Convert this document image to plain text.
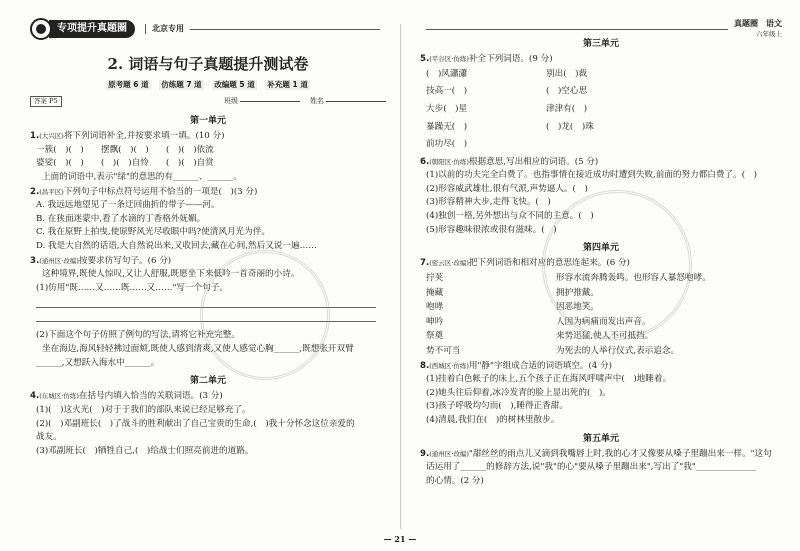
专项提升真题圈	北京专用
2. 词语与句子真题提升测试卷
原考题 6 道 仿练题 7 道 改编题 5 道 补充题 1 道
答案 P5	班级	姓名
第一单元
1.(大兴区)将下列词语补全,并按要求填一填。(10 分)
一簇(　)(　)　　摆飘(　)(　)　　(　)(　)依流
婆娑(　)(　)　　(　)(　)自怜　　(　)(　)自赏
上面的词语中,表示"绿"的意思的有______、______。
2.(昌平区)下列句子中标点符号运用不恰当的一项是(　)(3 分)
A. 我远远地望见了一条迂回曲折的带子——河。
B. 在狭面迷蒙中,看了水滴的丁香格外妩媚。
C. 我在原野上拍曳,使原野风光尽收眼中吗?使清风月光为伴。
D. 我是大自然的话语,大自然说出来,又收回去,藏在心间,然后又说一遍……
3.(通州区·改编)按要求仿写句子。(6 分)
这种境界,既使人惊叹,又让人舒服,既愿坐下来低吟一首奇丽的小诗。
(1)仿用"既……又……既……又……"写一个句子。
(2)下面这个句子仿照了例句的写法,请将它补充完整。
坐在海边,海风轻轻拂过面颊,既使人感到清爽,又使人感觉心胸______,既想张开双臂
______,又想跃入海水中______。
第二单元
4.(东城区·仿练)在括号内填入恰当的关联词语。(3 分)
(1)(　)这火光(　)对于于我们的部队来说已经足够充了。
(2)(　)邓副班长(　)了战斗的胜利献出了自己宝贵的生命,(　)我十分怀念这位亲爱的
战友。
(3)邓副班长(　)牺牲自己,(　)给战士们照亮前进的道路。
真题圈　语文
六年级上
第三单元
5.(平谷区·仿练)补全下列词语。(9 分)
(　)风瀟瀟	别出(　)裁
技高一(　)	(　)空心思
大步(　)星	津津有(　)
暴躁无(　)	(　)龙(　)珠
前功尽(　)
6.(朝阳区·仿练)根据意思,写出相应的词语。(5 分)
(1)以前的功夫完全白费了。也指事情在接近成功时遭到失败,前面的努力都白费了。(　)
(2)形容威武雄壮,很有气派,声势逼人。(　)
(3)形容精神大步,走得飞快。(　)
(4)独创一格,另外想出与众不同的主意。(　)
(5)形容趣味很浓或很有滋味。(　)
第四单元
7.(密云区·改编)把下列词语和相对应的意思连起来。(6 分)
拧荚	形容水流奔腾轰鸣。也形容人暴怒咆哮。
掩藏	拥护推戴。
咆哮	因恶地笑。
呻吟	人因为病痛而发出声音。
祭奠	来势迅猛,使人不可抵挡。
势不可当	为死去的人举行仪式,表示追念。
8.(西城区·仿练)用"静"字组成合适的词语填空。(4 分)
(1)挂着白色帐子的床上,五个孩子正在海风呼啸声中(　)地睡着。
(2)她头往后仰着,冰冷发青的脸上显出死的(　)。
(3)孩子呼吸均匀而(　),睡得正香甜。
(4)清晨,我们在(　)的树林里散步。
第五单元
9.(通州区·改编)"甜丝丝的雨点儿又滴到我嘴唇上时,我的心才又像要从嗓子里蹦出来一样。"这句
话运用了______的修辞方法,说"我"的心"要从嗓子里蹦出来",写出了"我"______________
的心情。(2 分)
— 21 —
